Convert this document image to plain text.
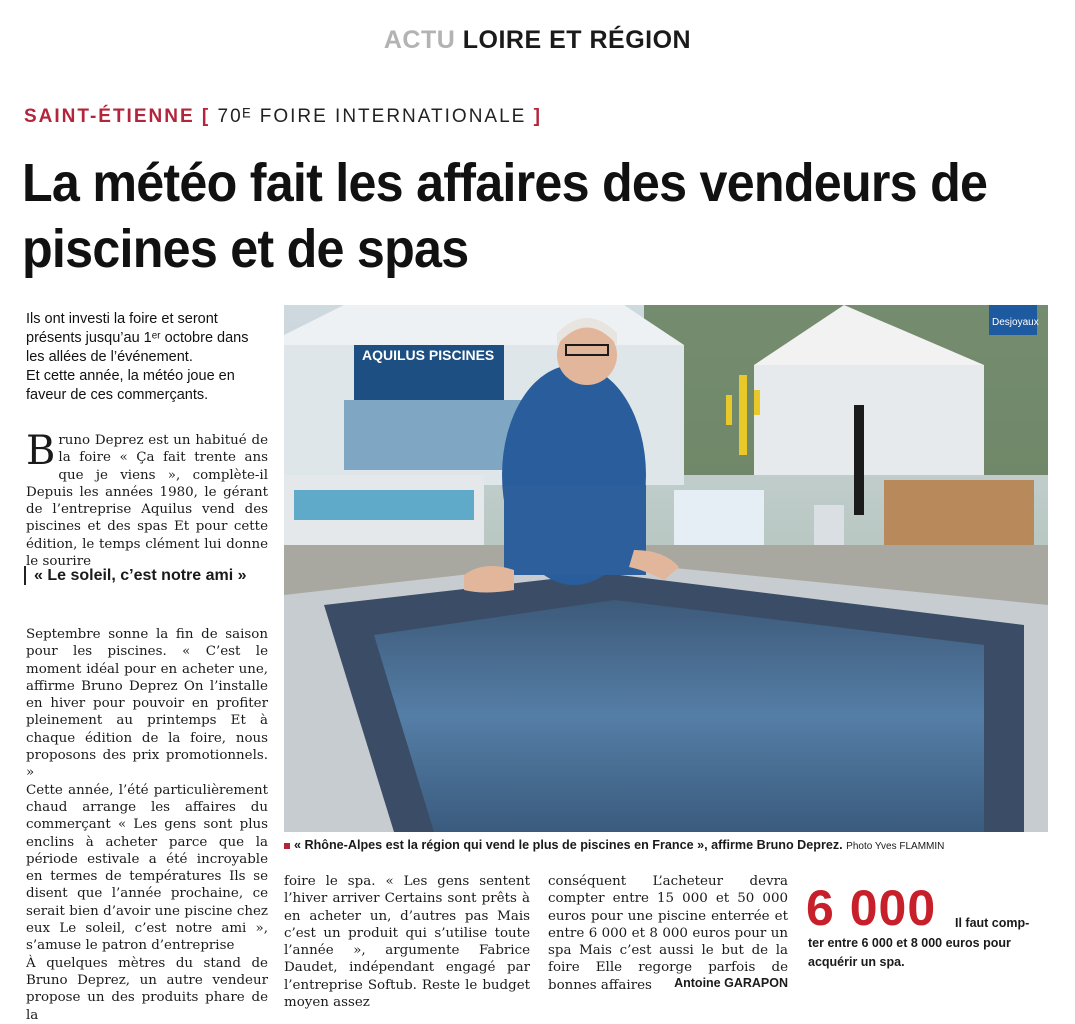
ACTU LOIRE ET RÉGION
SAINT-ÉTIENNE [ 70ᴱ FOIRE INTERNATIONALE ]
La météo fait les affaires des vendeurs de piscines et de spas

Ils ont investi la foire et seront présents jusqu’au 1ᵉʳ octobre dans les allées de l’événement.

Et cette année, la météo joue en faveur de ces commerçants.

Bruno Deprez est un habitué de la foire « Ça fait trente ans que je viens », complète-il Depuis les années 1980, le gérant de l’entreprise Aquilus vend des piscines et des spas Et pour cette édition, le temps clément lui donne le sourire

« Le soleil, c’est notre ami »

Septembre sonne la fin de saison pour les piscines. « C’est le moment idéal pour en acheter une, affirme Bruno Deprez On l’installe en hiver pour pouvoir en profiter pleinement au printemps Et à chaque édition de la foire, nous proposons des prix promotionnels. »

Cette année, l’été particulièrement chaud arrange les affaires du commerçant « Les gens sont plus enclins à acheter parce que la période estivale a été incroyable en termes de températures Ils se disent que l’année prochaine, ce serait bien d’avoir une piscine chez eux Le soleil, c’est notre ami », s’amuse le patron d’entreprise

À quelques mètres du stand de Bruno Deprez, un autre vendeur propose un des produits phare de la

AQUILUS PISCINES
Desjoyaux
« Rhône-Alpes est la région qui vend le plus de piscines en France », affirme Bruno Deprez. Photo Yves FLAMMIN
foire le spa. « Les gens sentent l’hiver arriver Certains sont prêts à en acheter un, d’autres pas Mais c’est un produit qui s’utilise toute l’année », argumente Fabrice Daudet, indépendant engagé par l’entreprise Softub. Reste le budget moyen assez
conséquent L’acheteur devra compter entre 15 000 et 50 000 euros pour une piscine enterrée et entre 6 000 et 8 000 euros pour un spa Mais c’est aussi le but de la foire Elle regorge parfois de bonnes affaires	Antoine GARAPON
6 000 Il faut comp-
ter entre 6 000 et 8 000 euros pour acquérir un spa.
